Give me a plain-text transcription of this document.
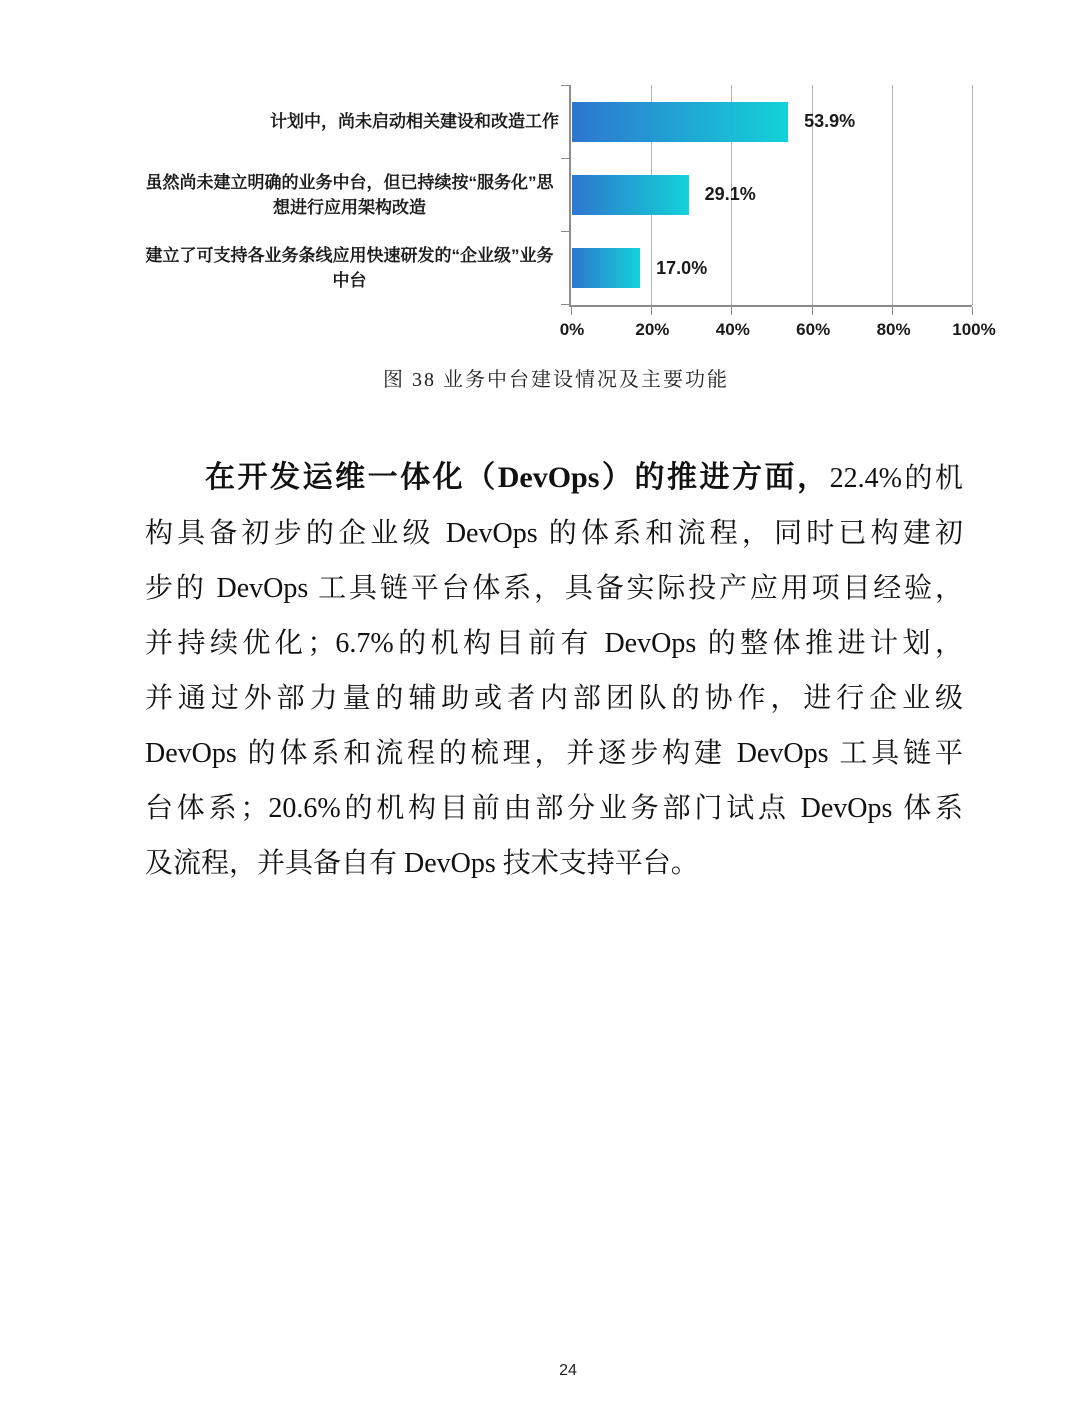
计划中，尚未启动相关建设和改造工作
虽然尚未建立明确的业务中台，但已持续按“服务化”思想进行应用架构改造
建立了可支持各业务条线应用快速研发的“企业级”业务中台
53.9%
29.1%
17.0%
0%	20%	40%	60%	80% 100%
图 38 业务中台建设情况及主要功能
在开发运维一体化（DevOps）的推进方面，22.4%的机
构具备初步的企业级 DevOps 的体系和流程，同时已构建初
步的 DevOps 工具链平台体系，具备实际投产应用项目经验，
并持续优化；6.7%的机构目前有 DevOps 的整体推进计划，
并通过外部力量的辅助或者内部团队的协作，进行企业级
DevOps 的体系和流程的梳理，并逐步构建 DevOps 工具链平
台体系；20.6%的机构目前由部分业务部门试点 DevOps 体系
及流程，并具备自有 DevOps 技术支持平台。
24
